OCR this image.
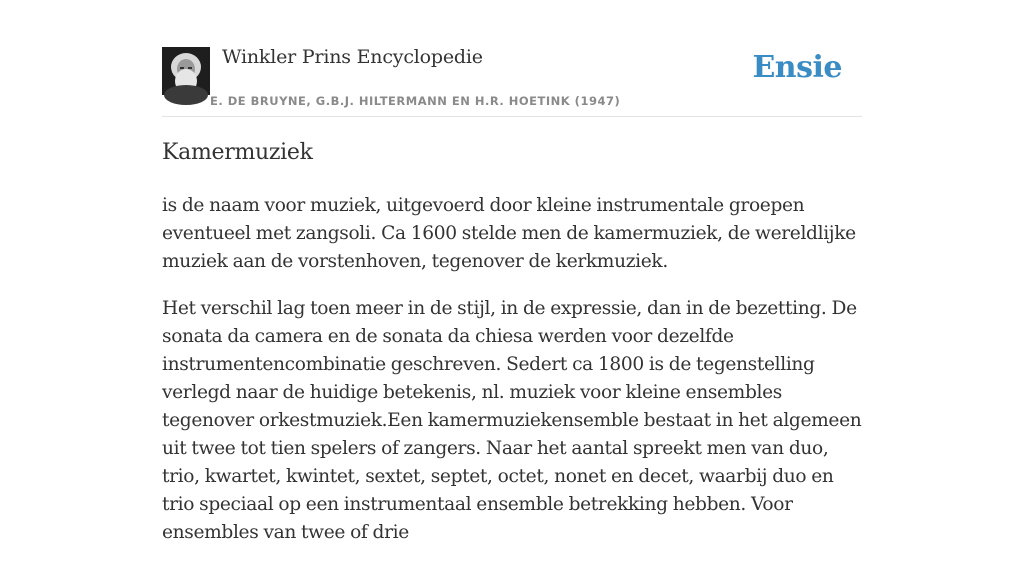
Winkler Prins Encyclopedie
E. DE BRUYNE, G.B.J. HILTERMANN EN H.R. HOETINK (1947)
Ensie
Kamermuziek

is de naam voor muziek, uitgevoerd door kleine instrumentale groepen eventueel met zangsoli. Ca 1600 stelde men de kamermuziek, de wereldlijke muziek aan de vorstenhoven, tegenover de kerkmuziek.

Het verschil lag toen meer in de stijl, in de expressie, dan in de bezetting. De sonata da camera en de sonata da chiesa werden voor dezelfde instrumentencombinatie geschreven. Sedert ca 1800 is de tegenstelling verlegd naar de huidige betekenis, nl. muziek voor kleine ensembles tegenover orkestmuziek.Een kamermuziekensemble bestaat in het algemeen uit twee tot tien spelers of zangers. Naar het aantal spreekt men van duo, trio, kwartet, kwintet, sextet, septet, octet, nonet en decet, waarbij duo en trio speciaal op een instrumentaal ensemble betrekking hebben. Voor ensembles van twee of drie
